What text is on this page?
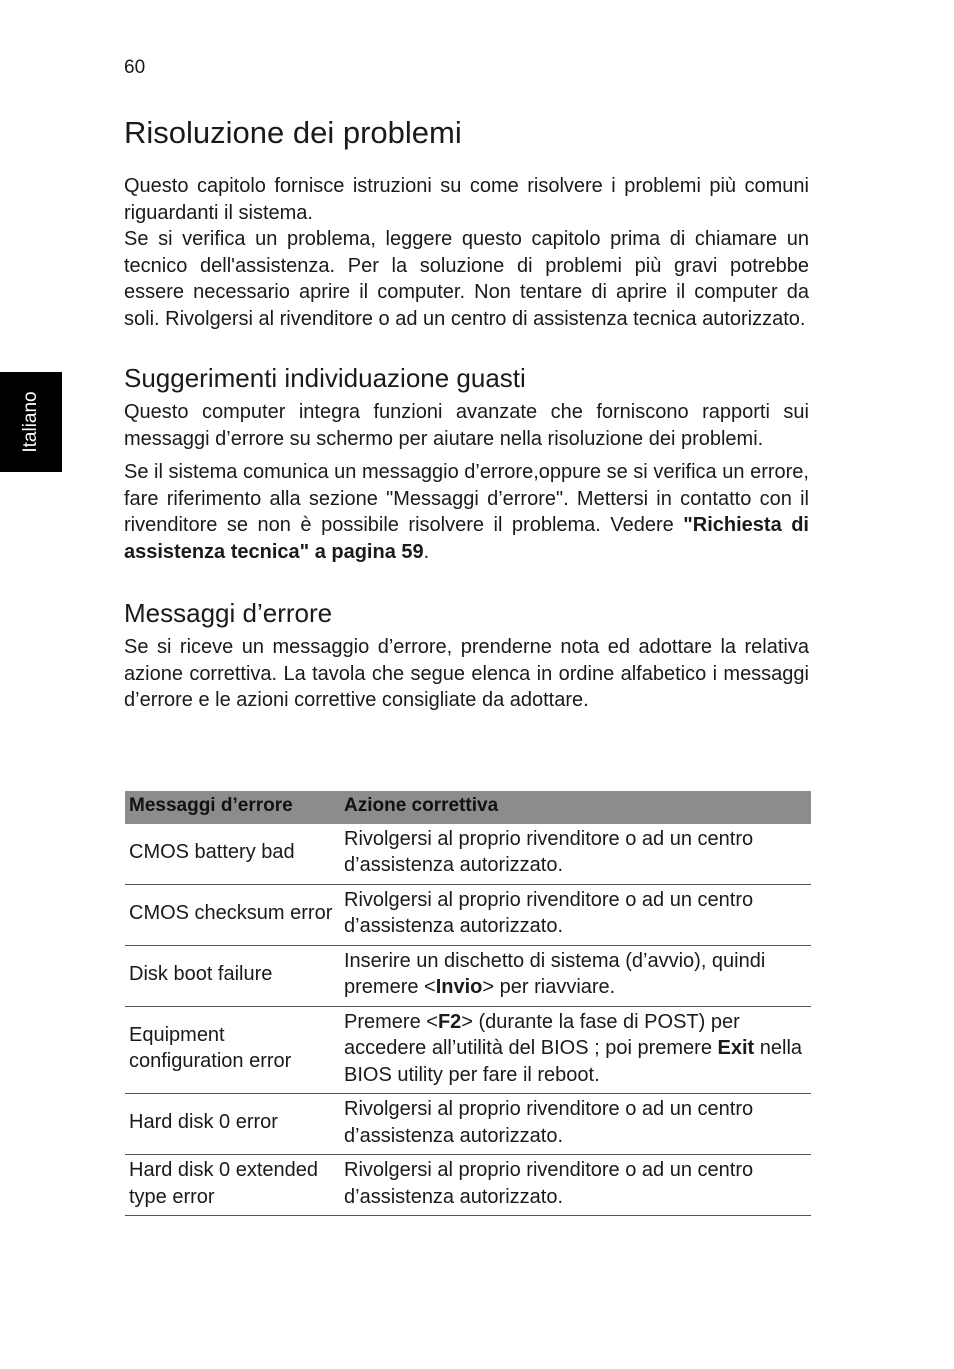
60
Italiano
Risoluzione dei problemi

Questo capitolo fornisce istruzioni su come risolvere i problemi più comuni riguardanti il sistema.

Se si verifica un problema, leggere questo capitolo prima di chiamare un tecnico dell'assistenza. Per la soluzione di problemi più gravi potrebbe essere necessario aprire il computer. Non tentare di aprire il computer da soli. Rivolgersi al rivenditore o ad un centro di assistenza tecnica autorizzato.

Suggerimenti individuazione guasti

Questo computer integra funzioni avanzate che forniscono rapporti sui messaggi d’errore su schermo per aiutare nella risoluzione dei problemi.

Se il sistema comunica un messaggio d’errore,oppure se si verifica un errore, fare riferimento alla sezione "Messaggi d’errore". Mettersi in contatto con il rivenditore se non è possibile risolvere il problema. Vedere "Richiesta di assistenza tecnica" a pagina 59.

Messaggi d’errore

Se si riceve un messaggio d’errore, prenderne nota ed adottare la relativa azione correttiva. La tavola che segue elenca in ordine alfabetico i messaggi d’errore e le azioni correttive consigliate da adottare.

Messaggi d’errore	Azione correttiva
CMOS battery bad	Rivolgersi al proprio rivenditore o ad un centro d’assistenza autorizzato.
CMOS checksum error	Rivolgersi al proprio rivenditore o ad un centro d’assistenza autorizzato.
Disk boot failure	Inserire un dischetto di sistema (d’avvio), quindi premere <Invio> per riavviare.
Equipment configuration error	Premere <F2> (durante la fase di POST) per accedere all’utilità del BIOS ; poi premere Exit nella BIOS utility per fare il reboot.
Hard disk 0 error	Rivolgersi al proprio rivenditore o ad un centro d’assistenza autorizzato.
Hard disk 0 extended type error	Rivolgersi al proprio rivenditore o ad un centro d’assistenza autorizzato.
